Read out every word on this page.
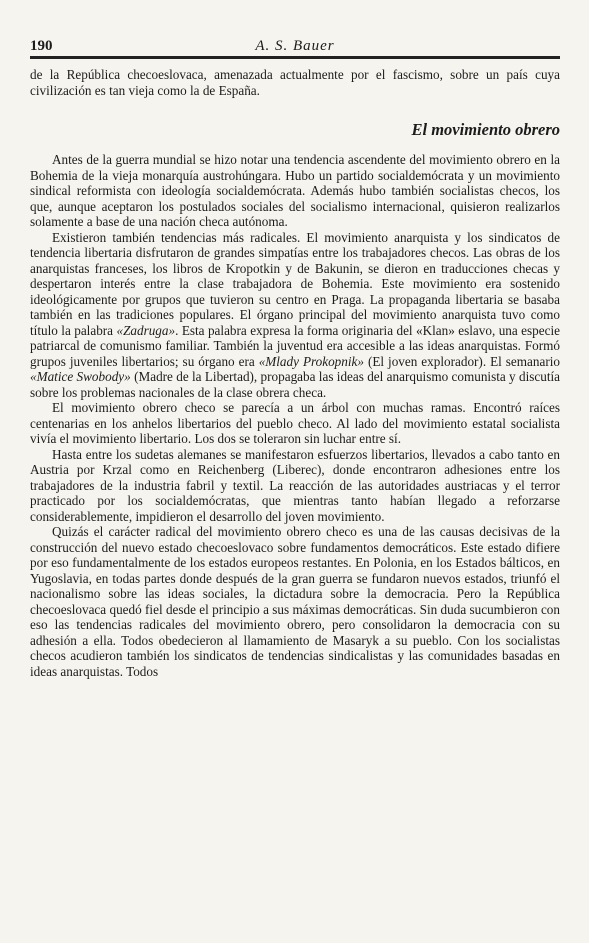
190	A. S. Bauer

de la República checoeslovaca, amenazada actualmente por el fascismo, sobre un país cuya civilización es tan vieja como la de España.

El movimiento obrero

Antes de la guerra mundial se hizo notar una tendencia ascendente del movimiento obrero en la Bohemia de la vieja monarquía austrohúngara. Hubo un partido socialdemócrata y un movimiento sindical reformista con ideología socialdemócrata. Además hubo también socialistas checos, los que, aunque aceptaron los postulados sociales del socialismo internacional, quisieron realizarlos solamente a base de una nación checa autónoma.

Existieron también tendencias más radicales. El movimiento anarquista y los sindicatos de tendencia libertaria disfrutaron de grandes simpatías entre los trabajadores checos. Las obras de los anarquistas franceses, los libros de Kropotkin y de Bakunin, se dieron en traducciones checas y despertaron interés entre la clase trabajadora de Bohemia. Este movimiento era sostenido ideológicamente por grupos que tuvieron su centro en Praga. La propaganda libertaria se basaba también en las tradiciones populares. El órgano principal del movimiento anarquista tuvo como título la palabra «Zadruga». Esta palabra expresa la forma originaria del «Klan» eslavo, una especie patriarcal de comunismo familiar. También la juventud era accesible a las ideas anarquistas. Formó grupos juveniles libertarios; su órgano era «Mlady Prokopnik» (El joven explorador). El semanario «Matice Swobody» (Madre de la Libertad), propagaba las ideas del anarquismo comunista y discutía sobre los problemas nacionales de la clase obrera checa.

El movimiento obrero checo se parecía a un árbol con muchas ramas. Encontró raíces centenarias en los anhelos libertarios del pueblo checo. Al lado del movimiento estatal socialista vivía el movimiento libertario. Los dos se toleraron sin luchar entre sí.

Hasta entre los sudetas alemanes se manifestaron esfuerzos libertarios, llevados a cabo tanto en Austria por Krzal como en Reichenberg (Liberec), donde encontraron adhesiones entre los trabajadores de la industria fabril y textil. La reacción de las autoridades austriacas y el terror practicado por los socialdemócratas, que mientras tanto habían llegado a reforzarse considerablemente, impidieron el desarrollo del joven movimiento.

Quizás el carácter radical del movimiento obrero checo es una de las causas decisivas de la construcción del nuevo estado checoeslovaco sobre fundamentos democráticos. Este estado difiere por eso fundamentalmente de los estados europeos restantes. En Polonia, en los Estados bálticos, en Yugoslavia, en todas partes donde después de la gran guerra se fundaron nuevos estados, triunfó el nacionalismo sobre las ideas sociales, la dictadura sobre la democracia. Pero la República checoeslovaca quedó fiel desde el principio a sus máximas democráticas. Sin duda sucumbieron con eso las tendencias radicales del movimiento obrero, pero consolidaron la democracia con su adhesión a ella. Todos obedecieron al llamamiento de Masaryk a su pueblo. Con los socialistas checos acudieron también los sindicatos de tendencias sindicalistas y las comunidades basadas en ideas anarquistas. Todos
